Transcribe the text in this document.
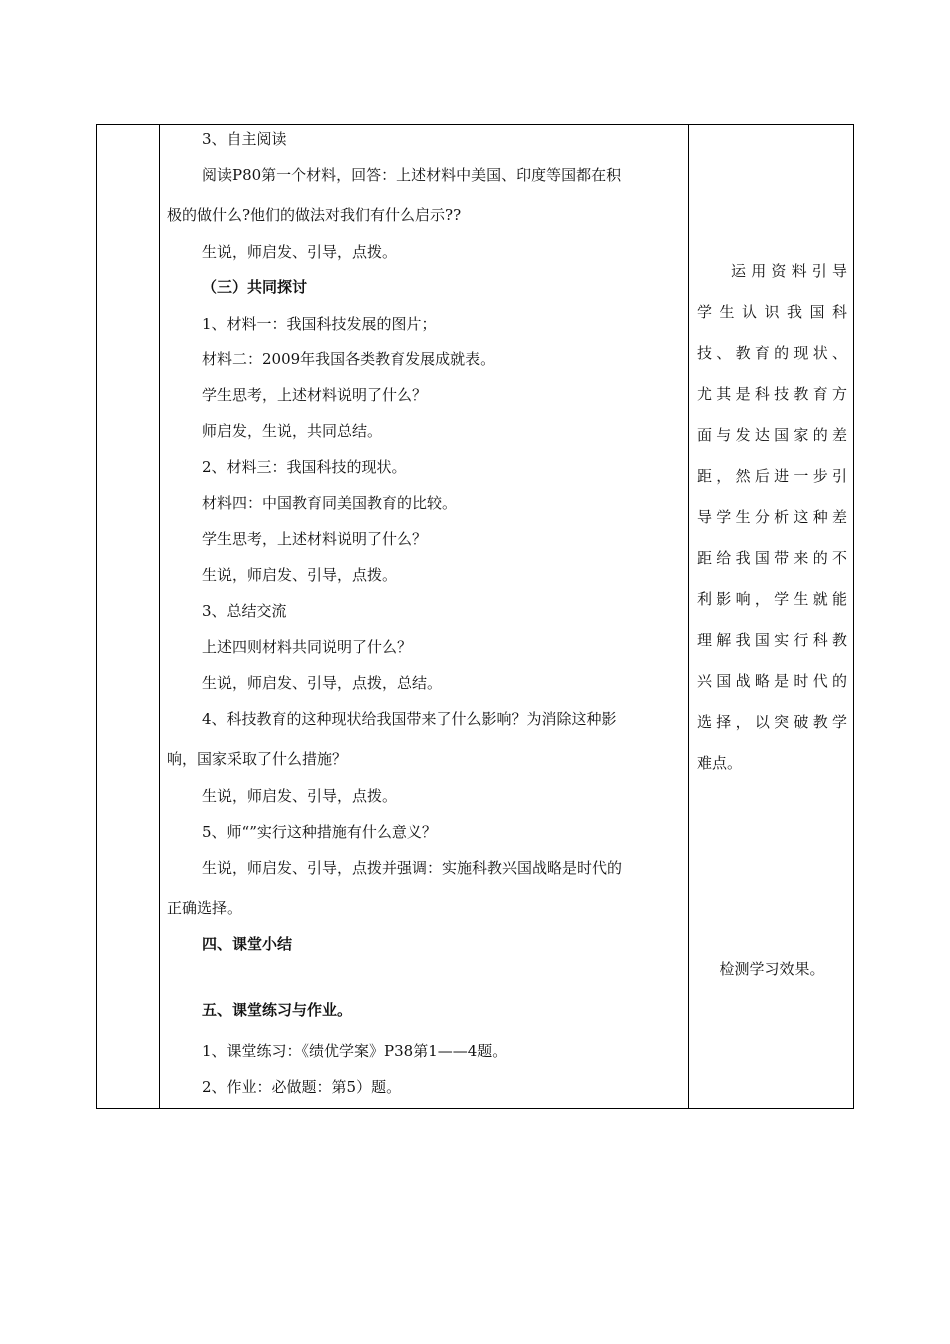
3、自主阅读
阅读P80第一个材料，回答：上述材料中美国、印度等国都在积
极的做什么?他们的做法对我们有什么启示??
生说，师启发、引导，点拨。
（三）共同探讨
1、材料一：我国科技发展的图片；
材料二：2009年我国各类教育发展成就表。
学生思考，上述材料说明了什么？
师启发，生说，共同总结。
2、材料三：我国科技的现状。
材料四：中国教育同美国教育的比较。
学生思考，上述材料说明了什么？
生说，师启发、引导，点拨。
3、总结交流
上述四则材料共同说明了什么？
生说，师启发、引导，点拨，总结。
4、科技教育的这种现状给我国带来了什么影响？为消除这种影
响，国家采取了什么措施？
生说，师启发、引导，点拨。
5、师“”实行这种措施有什么意义？
生说，师启发、引导，点拨并强调：实施科教兴国战略是时代的
正确选择。
四、课堂小结
五、课堂练习与作业。
1、课堂练习：《绩优学案》P38第1——4题。
2、作业：必做题：第5）题。
运用资料引导
学生认识我国科
技、教育的现状、
尤其是科技教育方
面与发达国家的差
距，然后进一步引
导学生分析这种差
距给我国带来的不
利影响，学生就能
理解我国实行科教
兴国战略是时代的
选择，以突破教学
难点。
检测学习效果。
